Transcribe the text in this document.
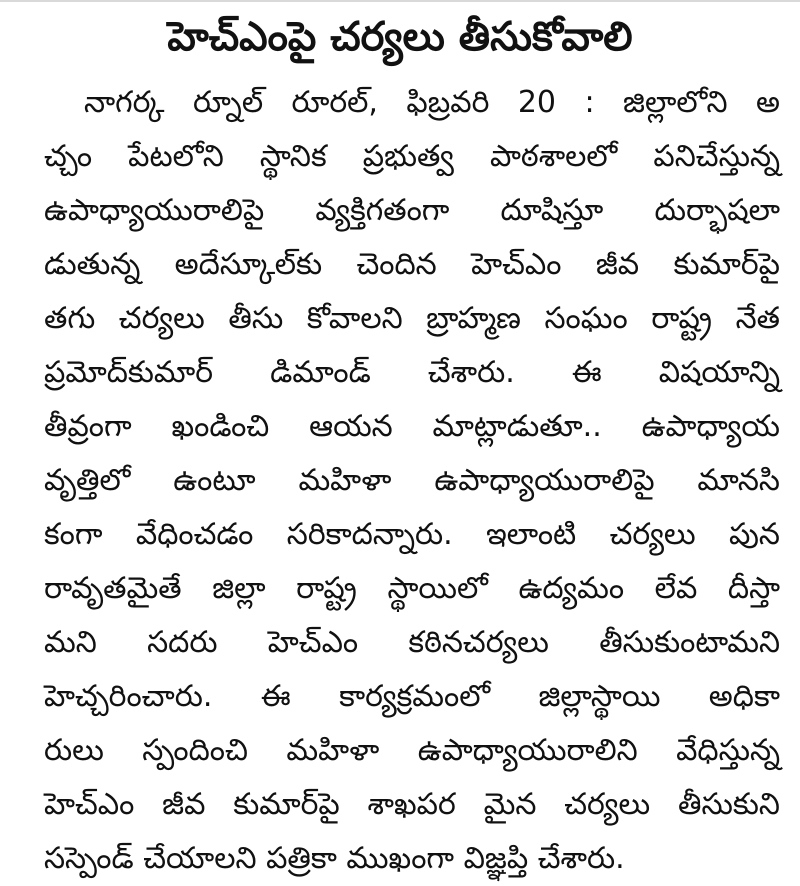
హెచ్ఎంపై చర్యలు తీసుకోవాలి
నాగర్క ర్నూల్ రూరల్, ఫిబ్రవరి 20 : జిల్లాలోని అ
చ్చం పేటలోని స్థానిక ప్రభుత్వ పాఠశాలలో పనిచేస్తున్న
ఉపాధ్యాయురాలిపై వ్యక్తిగతంగా దూషిస్తూ దుర్భాషలా
డుతున్న అదేస్కూల్‌కు చెందిన హెచ్ఎం జీవ కుమార్‌పై
తగు చర్యలు తీసు కోవాలని బ్రాహ్మణ సంఘం రాష్ట్ర నేత
ప్రమోద్‌కుమార్ డిమాండ్ చేశారు. ఈ విషయాన్ని
తీవ్రంగా ఖండించి ఆయన మాట్లాడుతూ.. ఉపాధ్యాయ
వృత్తిలో ఉంటూ మహిళా ఉపాధ్యాయురాలిపై మానసి
కంగా వేధించడం సరికాదన్నారు. ఇలాంటి చర్యలు పున
రావృతమైతే జిల్లా రాష్ట్ర స్థాయిలో ఉద్యమం లేవ దీస్తా
మని సదరు హెచ్ఎం కఠినచర్యలు తీసుకుంటామని
హెచ్చరించారు. ఈ కార్యక్రమంలో జిల్లాస్థాయి అధికా
రులు స్పందించి మహిళా ఉపాధ్యాయురాలిని వేధిస్తున్న
హెచ్ఎం జీవ కుమార్‌పై శాఖపర మైన చర్యలు తీసుకుని
సస్పెండ్ చేయాలని పత్రికా ముఖంగా విజ్ఞప్తి చేశారు.
